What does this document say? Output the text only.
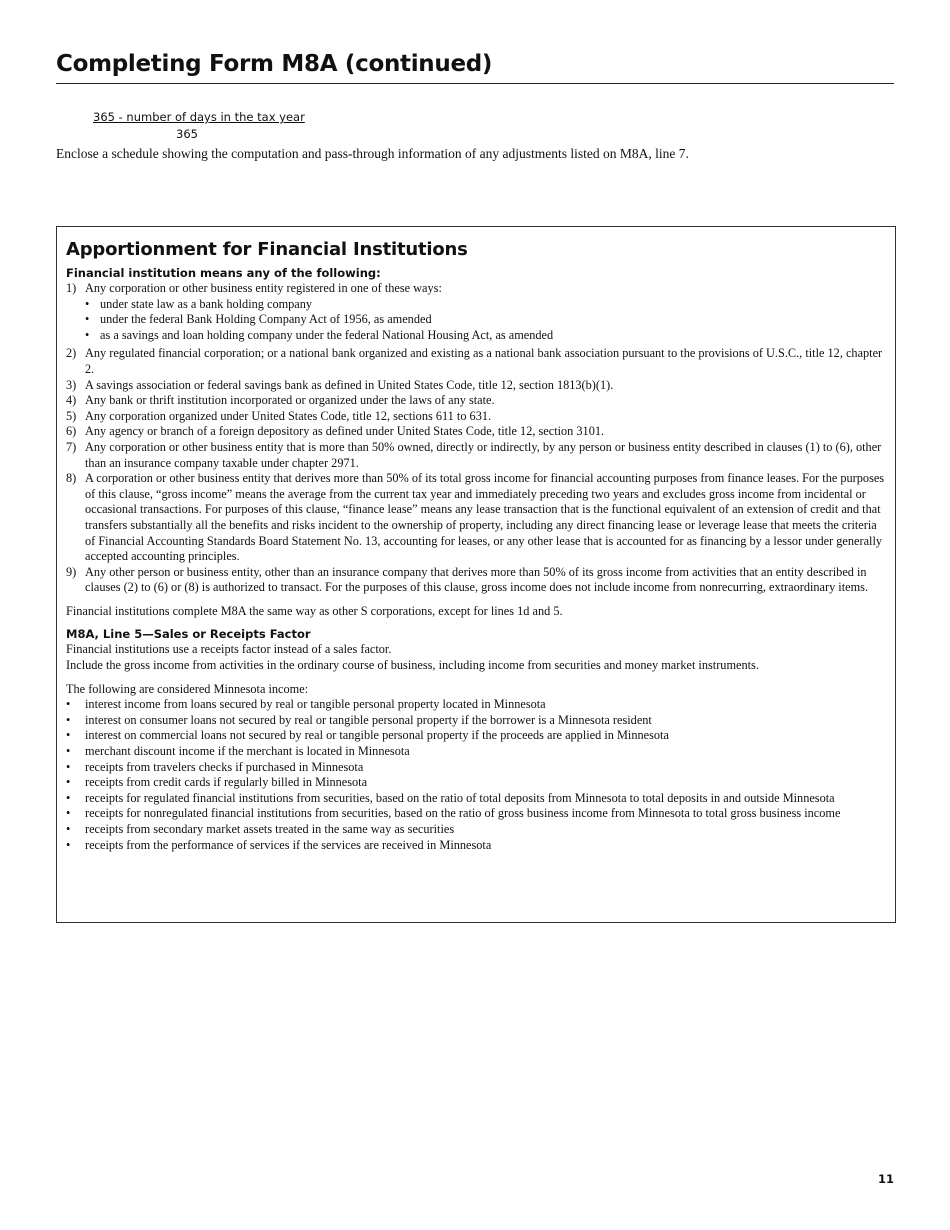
Completing Form M8A (continued)
365 - number of days in the tax year
365
Enclose a schedule showing the computation and pass-through information of any adjustments listed on M8A, line 7.
Apportionment for Financial Institutions

Financial institution means any of the following:

1) Any corporation or other business entity registered in one of these ways:
• under state law as a bank holding company
• under the federal Bank Holding Company Act of 1956, as amended
• as a savings and loan holding company under the federal National Housing Act, as amended
2) Any regulated financial corporation; or a national bank organized and existing as a national bank association pursuant to the provisions of U.S.C., title 12, chapter 2.
3) A savings association or federal savings bank as defined in United States Code, title 12, section 1813(b)(1).
4) Any bank or thrift institution incorporated or organized under the laws of any state.
5) Any corporation organized under United States Code, title 12, sections 611 to 631.
6) Any agency or branch of a foreign depository as defined under United States Code, title 12, section 3101.
7) Any corporation or other business entity that is more than 50% owned, directly or indirectly, by any person or business entity described in clauses (1) to (6), other than an insurance company taxable under chapter 2971.
8) A corporation or other business entity that derives more than 50% of its total gross income for financial accounting purposes from finance leases. For the purposes of this clause, “gross income” means the average from the current tax year and immediately preceding two years and excludes gross income from incidental or occasional transactions. For purposes of this clause, “finance lease” means any lease transaction that is the functional equivalent of an extension of credit and that transfers substantially all the benefits and risks incident to the ownership of property, including any direct financing lease or leverage lease that meets the criteria of Financial Accounting Standards Board Statement No. 13, accounting for leases, or any other lease that is accounted for as financing by a lessor under generally accepted accounting principles.
9) Any other person or business entity, other than an insurance company that derives more than 50% of its gross income from activities that an entity described in clauses (2) to (6) or (8) is authorized to transact. For the purposes of this clause, gross income does not include income from nonrecurring, extraordinary items.

Financial institutions complete M8A the same way as other S corporations, except for lines 1d and 5.

M8A, Line 5—Sales or Receipts Factor

Financial institutions use a receipts factor instead of a sales factor.

Include the gross income from activities in the ordinary course of business, including income from securities and money market instruments.

The following are considered Minnesota income:

• interest income from loans secured by real or tangible personal property located in Minnesota
• interest on consumer loans not secured by real or tangible personal property if the borrower is a Minnesota resident
• interest on commercial loans not secured by real or tangible personal property if the proceeds are applied in Minnesota
• merchant discount income if the merchant is located in Minnesota
• receipts from travelers checks if purchased in Minnesota
• receipts from credit cards if regularly billed in Minnesota
• receipts for regulated financial institutions from securities, based on the ratio of total deposits from Minnesota to total deposits in and outside Minnesota
• receipts for nonregulated financial institutions from securities, based on the ratio of gross business income from Minnesota to total gross business income
• receipts from secondary market assets treated in the same way as securities
• receipts from the performance of services if the services are received in Minnesota
11
